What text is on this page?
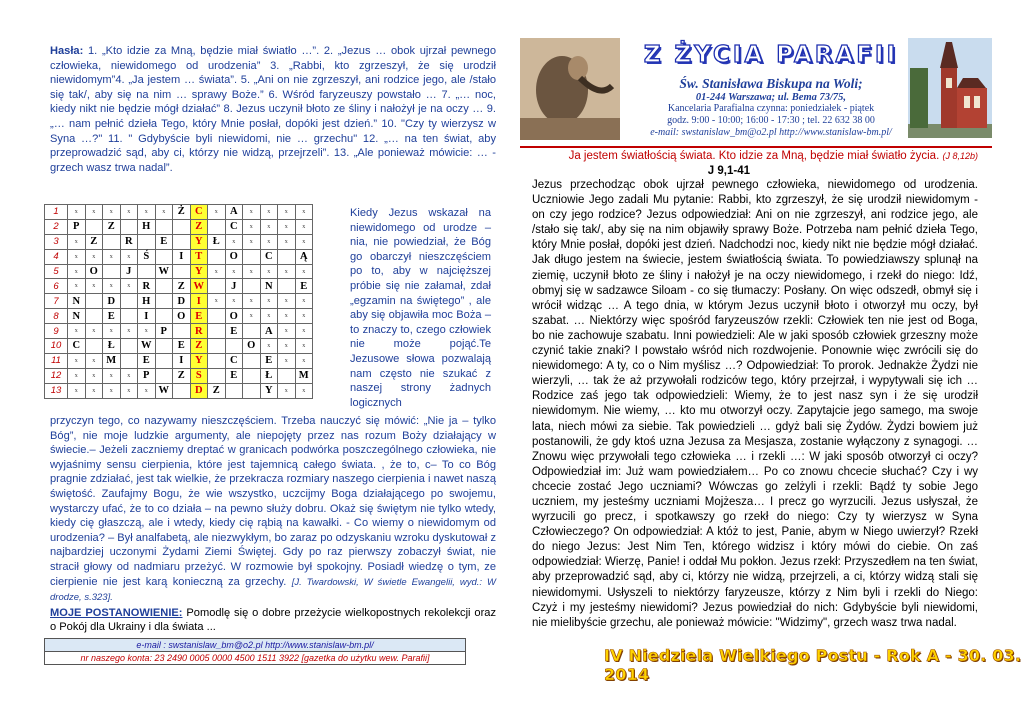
Hasła: 1. „Kto idzie za Mną, będzie miał światło …”. 2. „Jezus … obok ujrzał pewnego człowieka, niewidomego od urodzenia” 3. „Rabbi, kto zgrzeszył, że się urodził niewidomym”4. „Ja jestem … świata”. 5. „Ani on nie zgrzeszył, ani rodzice jego, ale /stało się tak/, aby się na nim … sprawy Boże.” 6. Wśród faryzeuszy powstało … 7. „… noc, kiedy nikt nie będzie mógł działać” 8. Jezus uczynił błoto ze śliny i nałożył je na oczy … 9. „… nam pełnić dzieła Tego, który Mnie posłał, dopóki jest dzień.” 10. "Czy ty wierzysz w Syna …?" 11. " Gdybyście byli niewidomi, nie … grzechu" 12. „… na ten świat, aby przeprowadzić sąd, aby ci, którzy nie widzą, przejrzeli”. 13. „Ale ponieważ mówicie: … - grzech wasz trwa nadal”.
1	x	x	x	x	x	x	Ż	C	x	A	x	x	x	x
2	P		Z		H			Z		C	x	x	x	x
3	x	Z		R		E		Y	Ł	x	x	x	x	x
4	x	x	x	x	Ś		I	T		O		C		Ą
5	x	O		J		W		Y	x	x	x	x	x	x
6	x	x	x	x	R		Z	W		J		N		E
7	N		D		H		D	I	x	x	x	x	x	x
8	N		E		I		O	E		O	x	x	x	x
9	x	x	x	x	x	P		R		E		A	x	x
10	C		Ł		W		E	Z			O	x	x	x
11	x	x	M		E		I	Y		C		E	x	x
12	x	x	x	x	P		Z	S		E		Ł		M
13	x	x	x	x	x	W		D	Z			Y	x	x
Kiedy Jezus wskazał na niewidomego od urodze – nia, nie powiedział, że Bóg go obarczył nieszczęściem po to, aby w najcięższej próbie się nie załamał, zdał „egzamin na świętego” , ale aby się objawiła moc Boża – to znaczy to, czego człowiek nie może pojąć.Te Jezusowe słowa pozwalają nam często nie szukać z naszej strony żadnych logicznych
przyczyn tego, co nazywamy nieszczęściem. Trzeba nauczyć się mówić: „Nie ja – tylko Bóg”, nie moje ludzkie argumenty, ale niepojęty przez nas rozum Boży działający w świecie.– Jeżeli zaczniemy dreptać w granicach podwórka poszczególnego człowieka, nie wyjaśnimy sensu cierpienia, które jest tajemnicą całego świata. , że to, c– To co Bóg pragnie zdziałać, jest tak wielkie, że przekracza rozmiary naszego cierpienia i nawet naszą świętość. Zaufajmy Bogu, że wie wszystko, uczcijmy Boga działającego po swojemu, wystarczy ufać, że to co działa – na pewno służy dobru. Okaż się świętym nie tylko wtedy, kiedy cię głaszczą, ale i wtedy, kiedy cię rąbią na kawałki. - Co wiemy o niewidomym od urodzenia? – Był analfabetą, ale niezwykłym, bo zaraz po odzyskaniu wzroku dyskutował z najbardziej uczonymi Żydami Ziemi Świętej. Gdy po raz pierwszy zobaczył świat, nie stracił głowy od nadmiaru przeżyć. W rozmowie był spokojny. Posiadł wiedzę o tym, ze cierpienie nie jest karą konieczną za grzechy. [J. Twardowski, W świetle Ewangelii, wyd.: W drodze, s.323].
MOJE POSTANOWIENIE: Pomodlę się o dobre przeżycie wielkopostnych rekolekcji oraz o Pokój dla Ukrainy i dla świata ...
e-mail : swstanislaw_bm@o2.pl http://www.stanislaw-bm.pl/
nr naszego konta: 23 2490 0005 0000 4500 1511 3922 [gazetka do użytku wew. Parafii]
Z ŻYCIA PARAFII
Św. Stanisława Biskupa na Woli;
01-244 Warszawa; ul. Bema 73/75,
Kancelaria Parafialna czynna: poniedziałek - piątek
godz. 9:00 - 10:00; 16:00 - 17:30 ; tel. 22 632 38 00
e-mail: swstanislaw_bm@o2.pl http://www.stanislaw-bm.pl/
Ja jestem światłością świata. Kto idzie za Mną, będzie miał światło życia. (J 8,12b)
J 9,1-41
Jezus przechodząc obok ujrzał pewnego człowieka, niewidomego od urodzenia. Uczniowie Jego zadali Mu pytanie: Rabbi, kto zgrzeszył, że się urodził niewidomym - on czy jego rodzice? Jezus odpowiedział: Ani on nie zgrzeszył, ani rodzice jego, ale /stało się tak/, aby się na nim objawiły sprawy Boże. Potrzeba nam pełnić dzieła Tego, który Mnie posłał, dopóki jest dzień. Nadchodzi noc, kiedy nikt nie będzie mógł działać. Jak długo jestem na świecie, jestem światłością świata. To powiedziawszy splunął na ziemię, uczynił błoto ze śliny i nałożył je na oczy niewidomego, i rzekł do niego: Idź, obmyj się w sadzawce Siloam - co się tłumaczy: Posłany. On więc odszedł, obmył się i wrócił widząc … A tego dnia, w którym Jezus uczynił błoto i otworzył mu oczy, był szabat. … Niektórzy więc spośród faryzeuszów rzekli: Człowiek ten nie jest od Boga, bo nie zachowuje szabatu. Inni powiedzieli: Ale w jaki sposób człowiek grzeszny może czynić takie znaki? I powstało wśród nich rozdwojenie. Ponownie więc zwrócili się do niewidomego: A ty, co o Nim myślisz …? Odpowiedział: To prorok. Jednakże Żydzi nie wierzyli, … tak że aż przywołali rodziców tego, który przejrzał, i wypytywali się ich … Rodzice zaś jego tak odpowiedzieli: Wiemy, że to jest nasz syn i że się urodził niewidomym. Nie wiemy, … kto mu otworzył oczy. Zapytajcie jego samego, ma swoje lata, niech mówi za siebie. Tak powiedzieli … gdyż bali się Żydów. Żydzi bowiem już postanowili, że gdy ktoś uzna Jezusa za Mesjasza, zostanie wyłączony z synagogi. … Znowu więc przywołali tego człowieka … i rzekli …: W jaki sposób otworzył ci oczy? Odpowiedział im: Już wam powiedziałem… Po co znowu chcecie słuchać? Czy i wy chcecie zostać Jego uczniami? Wówczas go zelżyli i rzekli: Bądź ty sobie Jego uczniem, my jesteśmy uczniami Mojżesza… I precz go wyrzucili. Jezus usłyszał, że wyrzucili go precz, i spotkawszy go rzekł do niego: Czy ty wierzysz w Syna Człowieczego? On odpowiedział: A któż to jest, Panie, abym w Niego uwierzył? Rzekł do niego Jezus: Jest Nim Ten, którego widzisz i który mówi do ciebie. On zaś odpowiedział: Wierzę, Panie! i oddał Mu pokłon. Jezus rzekł: Przyszedłem na ten świat, aby przeprowadzić sąd, aby ci, którzy nie widzą, przejrzeli, a ci, którzy widzą stali się niewidomymi. Usłyszeli to niektórzy faryzeusze, którzy z Nim byli i rzekli do Niego: Czyż i my jesteśmy niewidomi? Jezus powiedział do nich: Gdybyście byli niewidomi, nie mielibyście grzechu, ale ponieważ mówicie: "Widzimy", grzech wasz trwa nadal.
IV Niedziela Wielkiego Postu - Rok A - 30. 03. 2014
